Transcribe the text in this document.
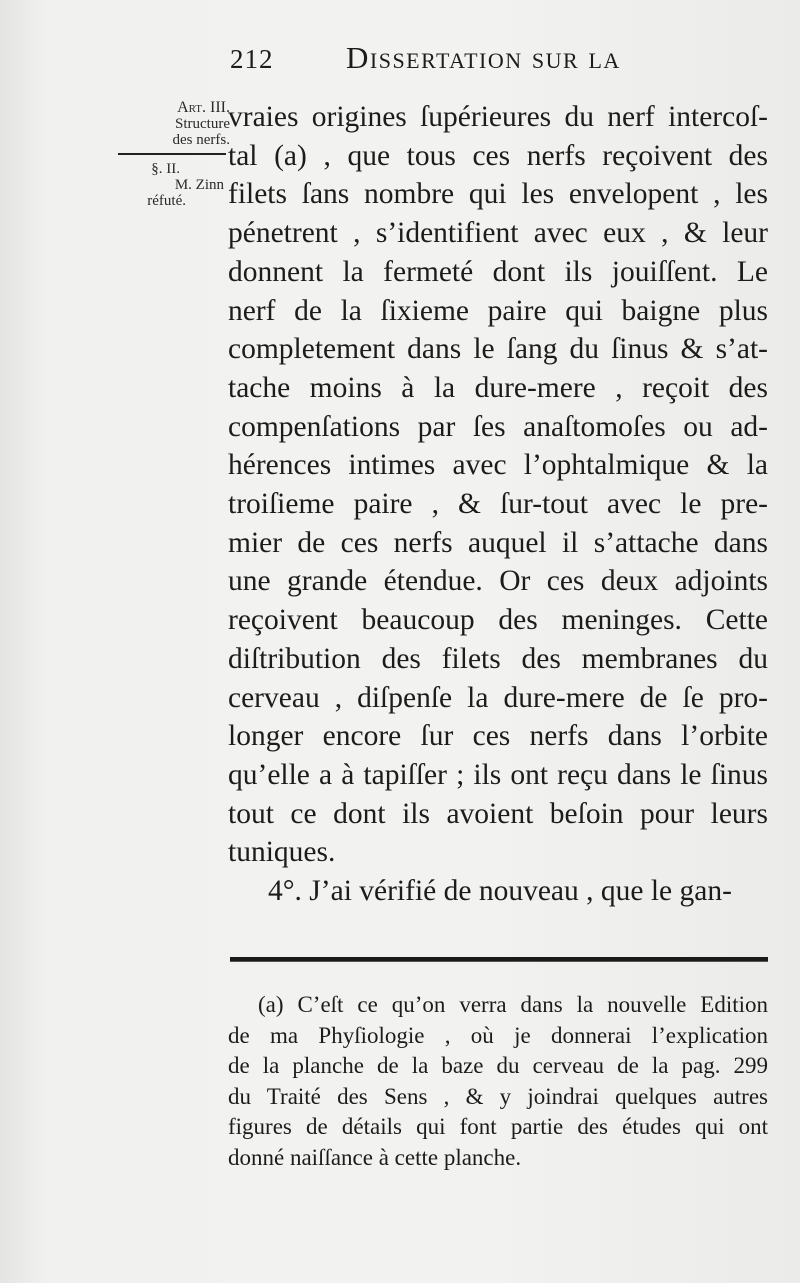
212 Dissertation sur la
Art. III.
Structure
des nerfs.
§. II.
M. Zinn
réfuté.
vraies origines ſupérieures du nerf intercoſ-
tal (a) , que tous ces nerfs reçoivent des
filets ſans nombre qui les envelopent , les
pénetrent , s’identifient avec eux , & leur
donnent la fermeté dont ils jouiſſent. Le
nerf de la ſixieme paire qui baigne plus
completement dans le ſang du ſinus & s’at-
tache moins à la dure-mere , reçoit des
compenſations par ſes anaſtomoſes ou ad-
hérences intimes avec l’ophtalmique & la
troiſieme paire , & ſur-tout avec le pre-
mier de ces nerfs auquel il s’attache dans
une grande étendue. Or ces deux adjoints
reçoivent beaucoup des meninges. Cette
diſtribution des filets des membranes du
cerveau , diſpenſe la dure-mere de ſe pro-
longer encore ſur ces nerfs dans l’orbite
qu’elle a à tapiſſer ; ils ont reçu dans le ſinus
tout ce dont ils avoient beſoin pour leurs
tuniques.
4°. J’ai vérifié de nouveau , que le gan-
(a) C’eſt ce qu’on verra dans la nouvelle Edition
de ma Phyſiologie , où je donnerai l’explication
de la planche de la baze du cerveau de la pag. 299
du Traité des Sens , & y joindrai quelques autres
figures de détails qui font partie des études qui ont
donné naiſſance à cette planche.
